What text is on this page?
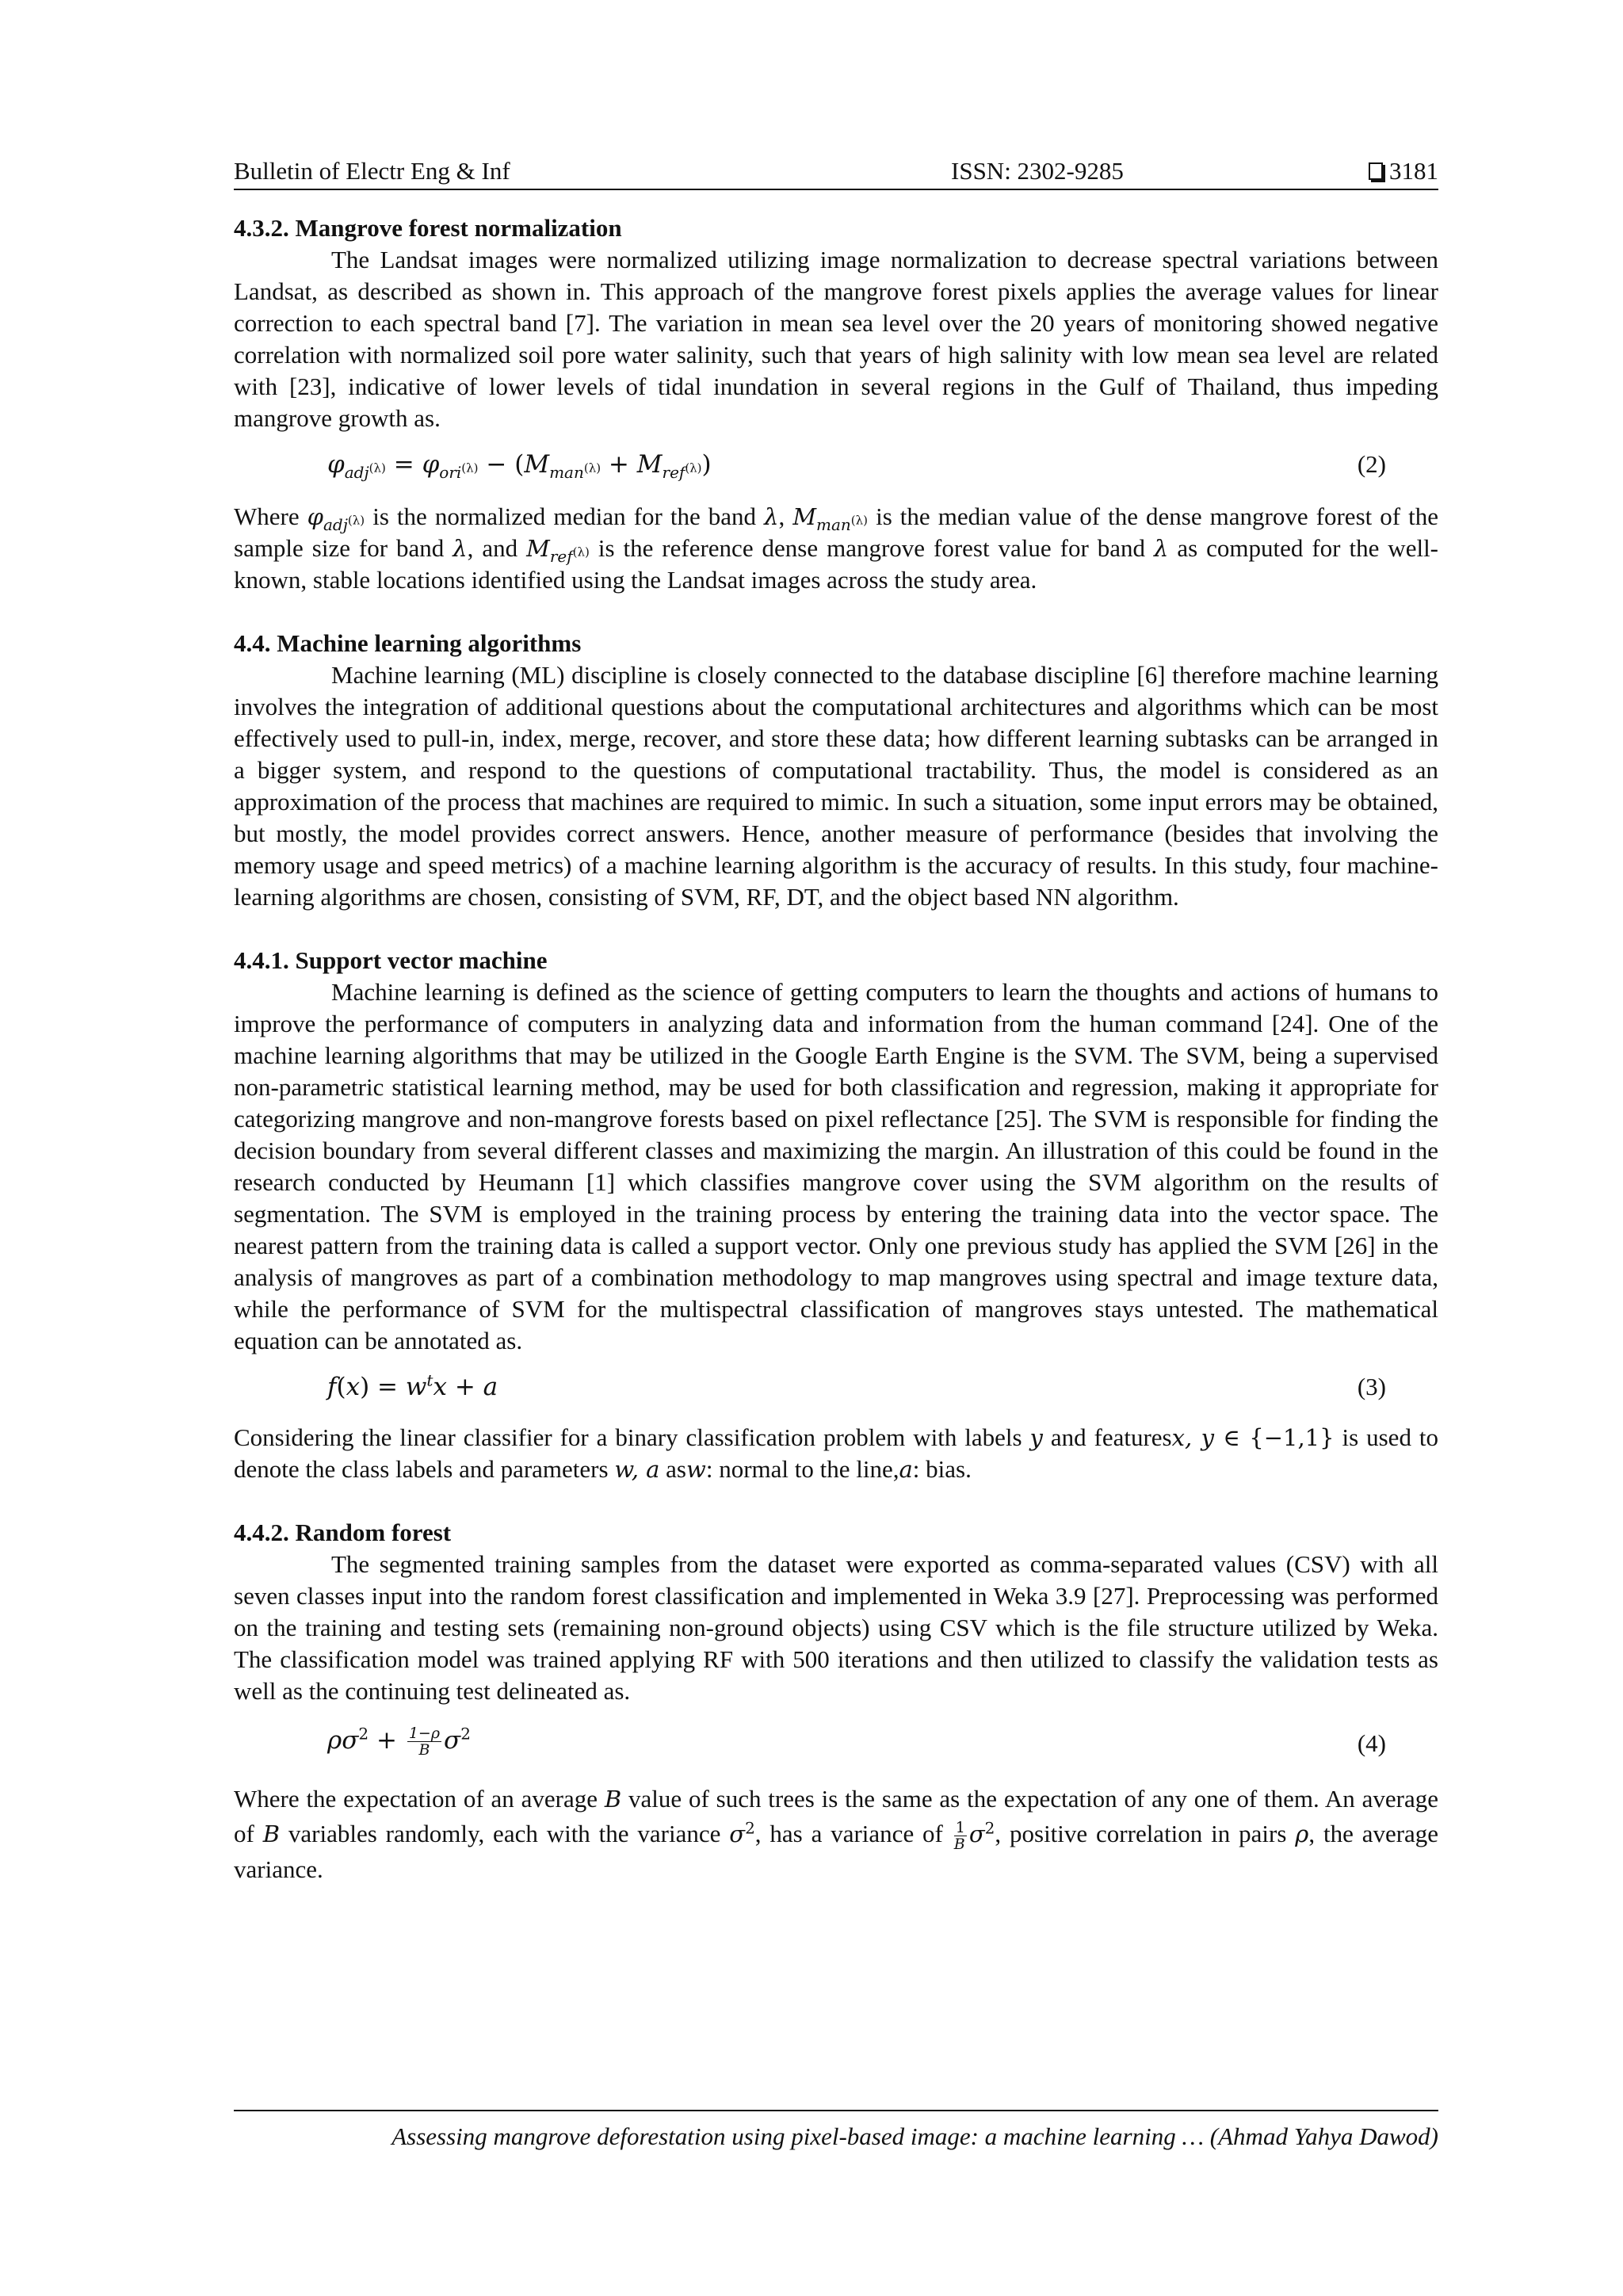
Bulletin of Electr Eng & Inf	ISSN: 2302-9285	3181
4.3.2. Mangrove forest normalization

The Landsat images were normalized utilizing image normalization to decrease spectral variations between Landsat, as described as shown in. This approach of the mangrove forest pixels applies the average values for linear correction to each spectral band [7]. The variation in mean sea level over the 20 years of monitoring showed negative correlation with normalized soil pore water salinity, such that years of high salinity with low mean sea level are related with [23], indicative of lower levels of tidal inundation in several regions in the Gulf of Thailand, thus impeding mangrove growth as.

$\varphi_{adj^{(\lambda)}} = \varphi_{ori^{(\lambda)}} - (M_{man^{(\lambda)}} + M_{ref^{(\lambda)}})$	(2)

Where $\varphi_{adj^{(\lambda)}}$ is the normalized median for the band λ, $M_{man^{(\lambda)}}$ is the median value of the dense mangrove forest of the sample size for band λ, and $M_{ref^{(\lambda)}}$ is the reference dense mangrove forest value for band λ as computed for the well-known, stable locations identified using the Landsat images across the study area.

4.4. Machine learning algorithms

Machine learning (ML) discipline is closely connected to the database discipline [6] therefore machine learning involves the integration of additional questions about the computational architectures and algorithms which can be most effectively used to pull-in, index, merge, recover, and store these data; how different learning subtasks can be arranged in a bigger system, and respond to the questions of computational tractability. Thus, the model is considered as an approximation of the process that machines are required to mimic. In such a situation, some input errors may be obtained, but mostly, the model provides correct answers. Hence, another measure of performance (besides that involving the memory usage and speed metrics) of a machine learning algorithm is the accuracy of results. In this study, four machine-learning algorithms are chosen, consisting of SVM, RF, DT, and the object based NN algorithm.

4.4.1. Support vector machine

Machine learning is defined as the science of getting computers to learn the thoughts and actions of humans to improve the performance of computers in analyzing data and information from the human command [24]. One of the machine learning algorithms that may be utilized in the Google Earth Engine is the SVM. The SVM, being a supervised non-parametric statistical learning method, may be used for both classification and regression, making it appropriate for categorizing mangrove and non-mangrove forests based on pixel reflectance [25]. The SVM is responsible for finding the decision boundary from several different classes and maximizing the margin. An illustration of this could be found in the research conducted by Heumann [1] which classifies mangrove cover using the SVM algorithm on the results of segmentation. The SVM is employed in the training process by entering the training data into the vector space. The nearest pattern from the training data is called a support vector. Only one previous study has applied the SVM [26] in the analysis of mangroves as part of a combination methodology to map mangroves using spectral and image texture data, while the performance of SVM for the multispectral classification of mangroves stays untested. The mathematical equation can be annotated as.

$f(x) = w^tx + a$	(3)

Considering the linear classifier for a binary classification problem with labels y and featuresx, y ∈ {−1,1} is used to denote the class labels and parameters w, a asw: normal to the line,a: bias.

4.4.2. Random forest

The segmented training samples from the dataset were exported as comma-separated values (CSV) with all seven classes input into the random forest classification and implemented in Weka 3.9 [27]. Preprocessing was performed on the training and testing sets (remaining non-ground objects) using CSV which is the file structure utilized by Weka. The classification model was trained applying RF with 500 iterations and then utilized to classify the validation tests as well as the continuing test delineated as.

$\rho\sigma^2 + \frac{1-\rho}{B} \sigma^2$	(4)

Where the expectation of an average B value of such trees is the same as the expectation of any one of them. An average of B variables randomly, each with the variance $\sigma^2$, has a variance of $\frac{1}{B} \sigma^2$, positive correlation in pairs ρ, the average variance.

Assessing mangrove deforestation using pixel-based image: a machine learning … (Ahmad Yahya Dawod)
